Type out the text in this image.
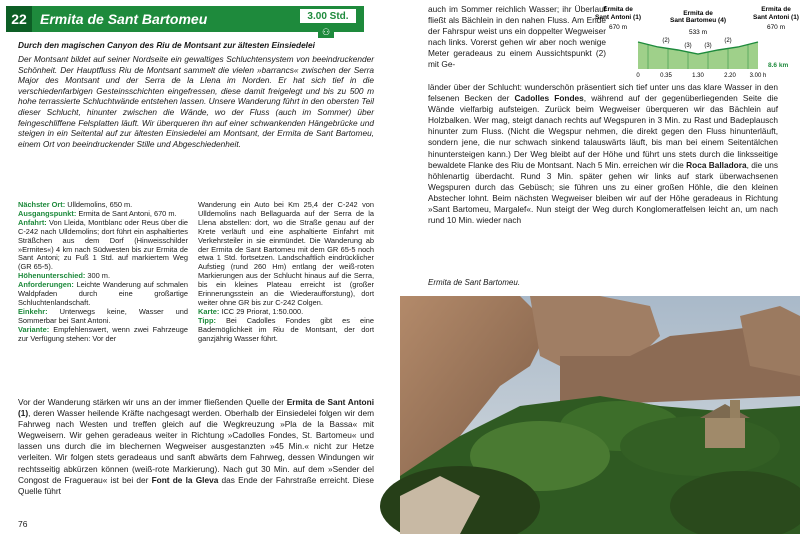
22 Ermita de Sant Bartomeu	3.00 Std.
⚇
Durch den magischen Canyon des Riu de Montsant zur ältesten Einsiedelei

Der Montsant bildet auf seiner Nordseite ein gewaltiges Schluchtensystem von beeindruckender Schönheit. Der Hauptfluss Riu de Montsant sammelt die vielen »barrancs« zwischen der Serra Major des Montsant und der Serra de la Llena im Norden. Er hat sich tief in die verschiedenfarbigen Gesteinsschichten eingefressen, diese damit freigelegt und bis zu 500 m hohe terrassierte Schluchtwände entstehen lassen. Unsere Wanderung führt in den obersten Teil dieser Schlucht, hinunter zwischen die Wände, wo der Fluss (auch im Sommer) über feingeschliffene Felsplatten läuft. Wir überqueren ihn auf einer schwankenden Hängebrücke und steigen in ein Seitental auf zur ältesten Einsiedelei am Montsant, der Ermita de Sant Bartomeu, einem Ort von beeindruckender Stille und Abgeschiedenheit.

Nächster Ort: Ulldemolins, 650 m.

Ausgangspunkt: Ermita de Sant Antoni, 670 m.

Anfahrt: Von Lleida, Montblanc oder Reus über die C-242 nach Ulldemolins; dort führt ein asphaltiertes Sträßchen aus dem Dorf (Hinweisschilder »Ermites«) 4 km nach Südwesten bis zur Ermita de Sant Antoni; zu Fuß 1 Std. auf markiertem Weg (GR 65-5).

Höhenunterschied: 300 m.

Anforderungen: Leichte Wanderung auf schmalen Waldpfaden durch eine großartige Schluchtenlandschaft.

Einkehr: Unterwegs keine, Wasser und Sommerbar bei Sant Antoni.

Variante: Empfehlenswert, wenn zwei Fahrzeuge zur Verfügung stehen: Vor der

Wanderung ein Auto bei Km 25,4 der C-242 von Ulldemolins nach Bellaguarda auf der Serra de la Llena abstellen: dort, wo die Straße genau auf der Krete verläuft und eine asphaltierte Einfahrt mit Verkehrsteiler in sie einmündet. Die Wanderung ab der Ermita de Sant Bartomeu mit dem GR 65-5 noch etwa 1 Std. fortsetzen. Landschaftlich eindrücklicher Aufstieg (rund 260 Hm) entlang der weiß-roten Markierungen aus der Schlucht hinaus auf die Serra, bis ein kleines Plateau erreicht ist (großer Erinnerungsstein an die Wiederaufforstung), dort weiter ohne GR bis zur C-242 Colgen.

Karte: ICC 29 Priorat, 1:50.000.

Tipp: Bei Cadolles Fondes gibt es eine Bademöglichkeit im Riu de Montsant, der dort ganzjährig Wasser führt.

Vor der Wanderung stärken wir uns an der immer fließenden Quelle der Ermita de Sant Antoni (1), deren Wasser heilende Kräfte nachgesagt werden. Oberhalb der Einsiedelei folgen wir dem Fahrweg nach Westen und treffen gleich auf die Wegkreuzung »Pla de la Bassa« mit Wegweisern. Wir gehen geradeaus weiter in Richtung »Cadolles Fondes, St. Bartomeu« und lassen uns durch die im blechernen Wegweiser ausgestanzten »45 Min.« nicht zur Hetze verleiten. Wir folgen stets geradeaus und sanft abwärts dem Fahrweg, dessen Windungen wir rechtsseitig abkürzen können (weiß-rote Markierung). Nach gut 30 Min. auf dem »Sender del Congost de Fraguerau« ist bei der Font de la Gleva das Ende der Fahrstraße erreicht. Diese Quelle führt

76

auch im Sommer reichlich Wasser; ihr Überlauf fließt als Bächlein in den nahen Fluss. Am Ende der Fahrspur weist uns ein doppelter Wegweiser nach links. Vorerst gehen wir aber noch wenige Meter geradeaus zu einem Aussichtspunkt (2) mit Ge-

Ermita de
Sant Antoni (1)
670 m
Ermita de
Sant Bartomeu (4)
533 m
Ermita de
Sant Antoni (1)
670 m
(2)
(3) (3)
(2)
0	0.35	1.30	2.20 3.00 h
8.6 km

länder über der Schlucht: wunderschön präsentiert sich tief unter uns das klare Wasser in den felsenen Becken der Cadolles Fondes, während auf der gegenüberliegenden Seite die Wände vielfarbig aufsteigen. Zurück beim Wegweiser überqueren wir das Bächlein auf Holzbalken. Wer mag, steigt danach rechts auf Wegspuren in 3 Min. zu Rast und Badeplausch hinunter zum Fluss. (Nicht die Wegspur nehmen, die direkt gegen den Fluss hinunterläuft, sondern jene, die nur schwach sinkend talauswärts läuft, bis man bei einem Seitentälchen hinuntersteigen kann.) Der Weg bleibt auf der Höhe und führt uns stets durch die linksseitige bewaldete Flanke des Riu de Montsant. Nach 5 Min. erreichen wir die Roca Balladora, die uns höhlenartig überdacht. Rund 3 Min. später gehen wir links auf stark überwachsenen Wegspuren durch das Gebüsch; sie führen uns zu einer großen Höhle, die den kleinen Abstecher lohnt. Beim nächsten Wegweiser bleiben wir auf der Höhe geradeaus in Richtung »Sant Bartomeu, Margalef«. Nun steigt der Weg durch Konglomeratfelsen leicht an, um nach rund 10 Min. wieder nach

Ermita de Sant Bartomeu.
